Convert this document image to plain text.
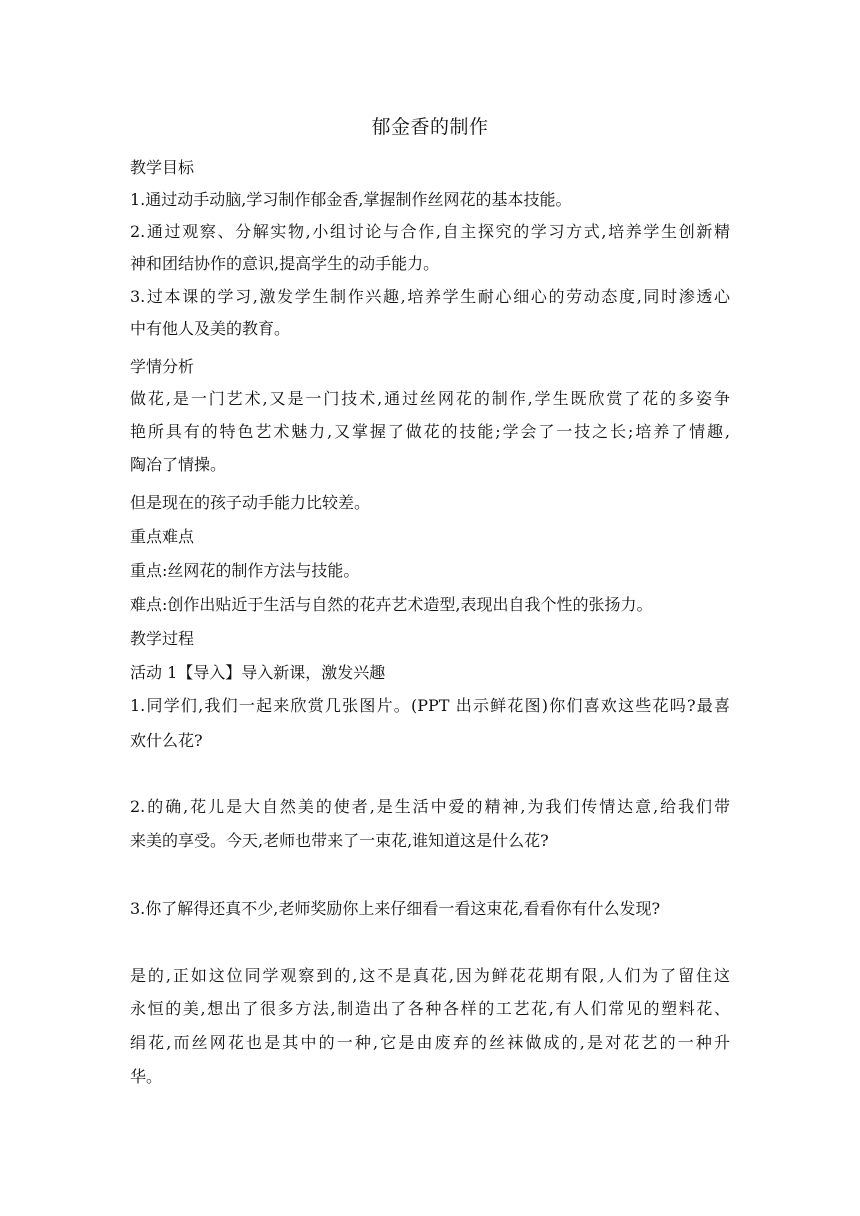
郁金香的制作
教学目标
1.通过动手动脑,学习制作郁金香,掌握制作丝网花的基本技能。
2.通过观察、分解实物,小组讨论与合作,自主探究的学习方式,培养学生创新精
神和团结协作的意识,提高学生的动手能力。
3.过本课的学习,激发学生制作兴趣,培养学生耐心细心的劳动态度,同时渗透心
中有他人及美的教育。
学情分析
做花,是一门艺术,又是一门技术,通过丝网花的制作,学生既欣赏了花的多姿争
艳所具有的特色艺术魅力,又掌握了做花的技能;学会了一技之长;培养了情趣,
陶冶了情操。
但是现在的孩子动手能力比较差。
重点难点
重点:丝网花的制作方法与技能。
难点:创作出贴近于生活与自然的花卉艺术造型,表现出自我个性的张扬力。
教学过程
活动 1【导入】导入新课，激发兴趣
1.同学们,我们一起来欣赏几张图片。(PPT 出示鲜花图)你们喜欢这些花吗?最喜
欢什么花?
2.的确,花儿是大自然美的使者,是生活中爱的精神,为我们传情达意,给我们带
来美的享受。今天,老师也带来了一束花,谁知道这是什么花?
3.你了解得还真不少,老师奖励你上来仔细看一看这束花,看看你有什么发现?
是的,正如这位同学观察到的,这不是真花,因为鲜花花期有限,人们为了留住这
永恒的美,想出了很多方法,制造出了各种各样的工艺花,有人们常见的塑料花、
绢花,而丝网花也是其中的一种,它是由废弃的丝袜做成的,是对花艺的一种升
华。
